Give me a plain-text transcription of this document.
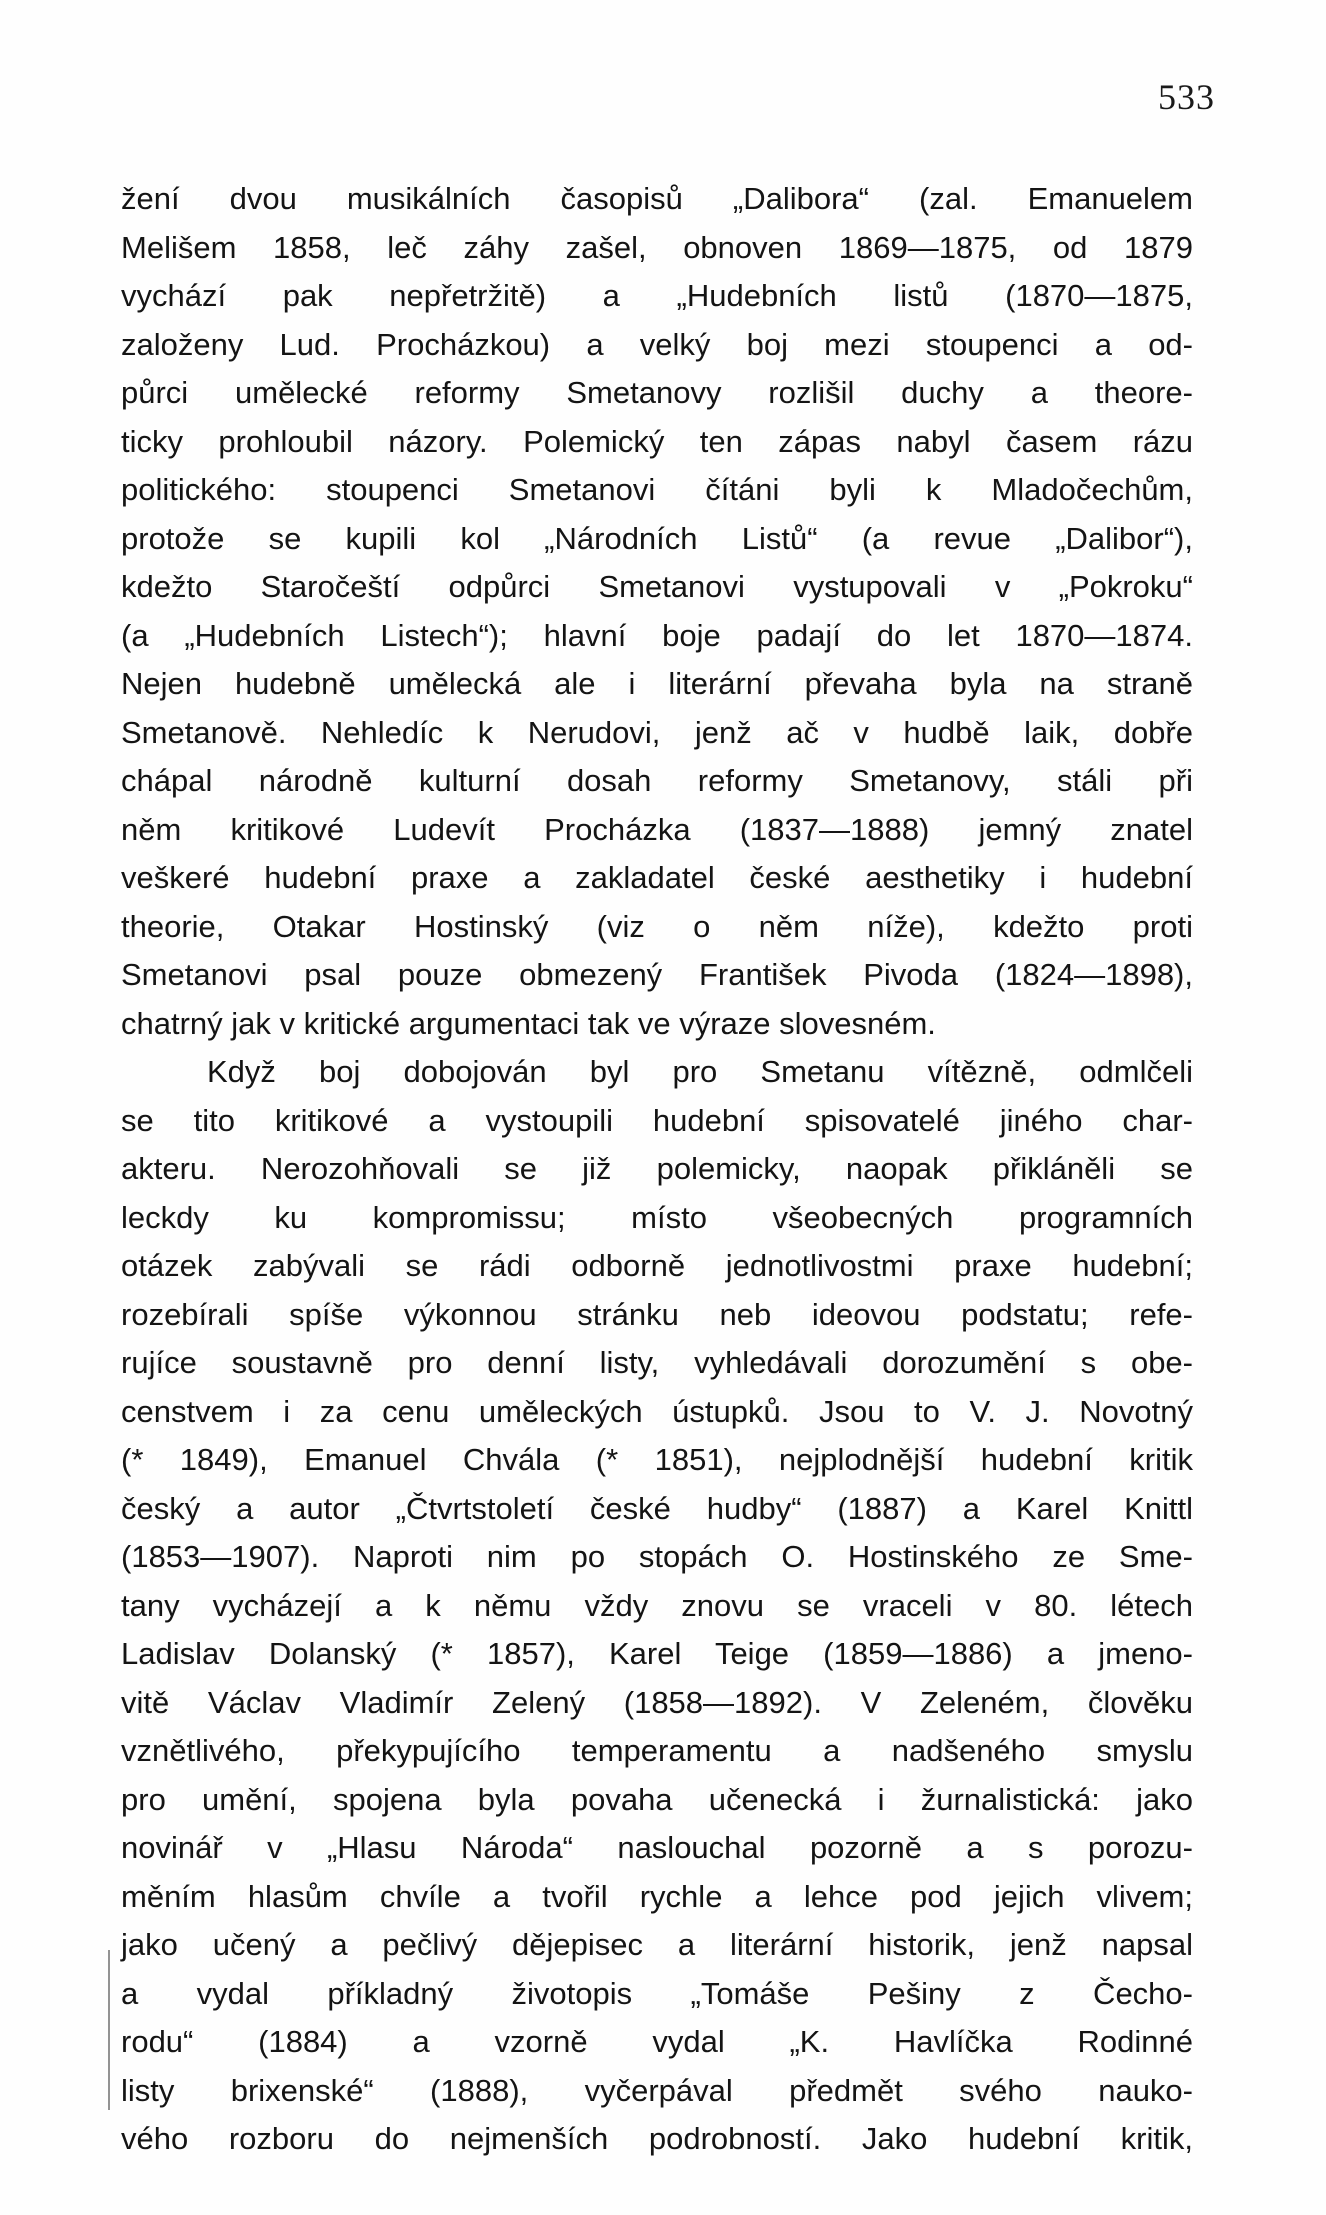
533
žení dvou musikálních časopisů „Dalibora“ (zal. Emanuelem
Melišem 1858, leč záhy zašel, obnoven 1869—1875, od 1879
vychází pak nepřetržitě) a „Hudebních listů (1870—1875,
založeny Lud. Procházkou) a velký boj mezi stoupenci a od-
půrci umělecké reformy Smetanovy rozlišil duchy a theore-
ticky prohloubil názory. Polemický ten zápas nabyl časem rázu
politického: stoupenci Smetanovi čítáni byli k Mladočechům,
protože se kupili kol „Národních Listů“ (a revue „Dalibor“),
kdežto Staročeští odpůrci Smetanovi vystupovali v „Pokroku“
(a „Hudebních Listech“); hlavní boje padají do let 1870—1874.
Nejen hudebně umělecká ale i literární převaha byla na straně
Smetanově. Nehledíc k Nerudovi, jenž ač v hudbě laik, dobře
chápal národně kulturní dosah reformy Smetanovy, stáli při
něm kritikové Ludevít Procházka (1837—1888) jemný znatel
veškeré hudební praxe a zakladatel české aesthetiky i hudební
theorie, Otakar Hostinský (viz o něm níže), kdežto proti
Smetanovi psal pouze obmezený František Pivoda (1824—1898),
chatrný jak v kritické argumentaci tak ve výraze slovesném.
Když boj dobojován byl pro Smetanu vítězně, odmlčeli
se tito kritikové a vystoupili hudební spisovatelé jiného char-
akteru. Nerozohňovali se již polemicky, naopak přikláněli se
leckdy ku kompromissu; místo všeobecných programních
otázek zabývali se rádi odborně jednotlivostmi praxe hudební;
rozebírali spíše výkonnou stránku neb ideovou podstatu; refe-
rujíce soustavně pro denní listy, vyhledávali dorozumění s obe-
censtvem i za cenu uměleckých ústupků. Jsou to V. J. Novotný
(* 1849), Emanuel Chvála (* 1851), nejplodnější hudební kritik
český a autor „Čtvrtstoletí české hudby“ (1887) a Karel Knittl
(1853—1907). Naproti nim po stopách O. Hostinského ze Sme-
tany vycházejí a k němu vždy znovu se vraceli v 80. létech
Ladislav Dolanský (* 1857), Karel Teige (1859—1886) a jmeno-
vitě Václav Vladimír Zelený (1858—1892). V Zeleném, člověku
vznětlivého, překypujícího temperamentu a nadšeného smyslu
pro umění, spojena byla povaha učenecká i žurnalistická: jako
novinář v „Hlasu Národa“ naslouchal pozorně a s porozu-
měním hlasům chvíle a tvořil rychle a lehce pod jejich vlivem;
jako učený a pečlivý dějepisec a literární historik, jenž napsal
a vydal příkladný životopis „Tomáše Pešiny z Čecho-
rodu“ (1884) a vzorně vydal „K. Havlíčka Rodinné
listy brixenské“ (1888), vyčerpával předmět svého nauko-
vého rozboru do nejmenších podrobností. Jako hudební kritik,
